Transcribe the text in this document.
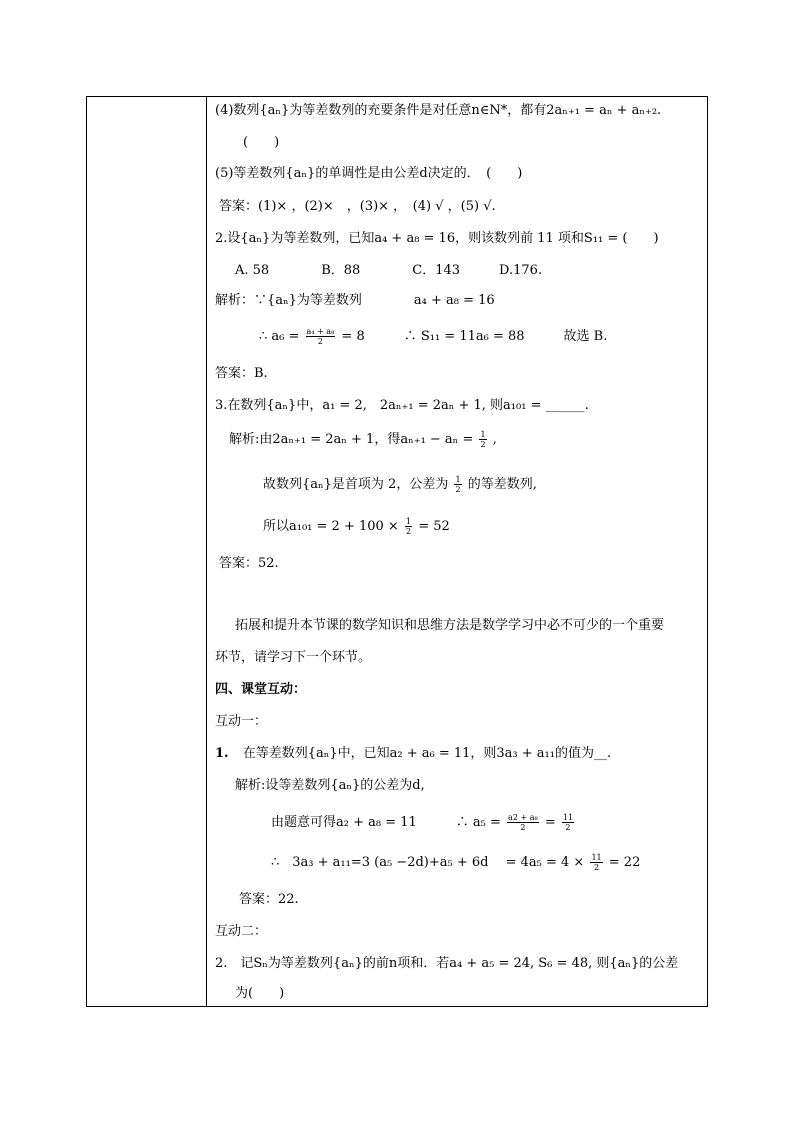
(4)数列{aₙ}为等差数列的充要条件是对任意n∈N*，都有2aₙ₊₁ = aₙ + aₙ₊₂.
(　　)
(5)等差数列{aₙ}的单调性是由公差d决定的．　(　　)
答案：(1)× ，(2)×　，(3)× ，　(4) √ ，(5) √.
2.设{aₙ}为等差数列，已知a₄ + a₈ = 16，则该数列前 11 项和S₁₁ = (　　)
A. 58　　　　B．88　　　　C．143　　　D.176.
解析：∵{aₙ}为等差数列　　　　a₄ + a₈ = 16
∴ $a_6 = \frac{\text{a₄ + a₈}}{2} = 8$　　　∴ S₁₁ = 11a₆ = 88　　　故选 B.
答案：B.
3.在数列{aₙ}中，a₁ = 2,　2aₙ₊₁ = 2aₙ + 1, 则a₁₀₁ = ______.
解析:由2aₙ₊₁ = 2aₙ + 1，得$a_{n+1} - a_n = \frac{1}{2}$ ,
故数列{aₙ}是首项为 2，公差为 $\frac{1}{2}$ 的等差数列,
所以$a_{101} = 2 + 100 \times \frac{1}{2} = 52$
答案：52.
拓展和提升本节课的数学知识和思维方法是数学学习中必不可少的一个重要
环节，请学习下一个环节。
四、课堂互动：
互动一：
1. 在等差数列{aₙ}中，已知a₂ + a₆ = 11，则3a₃ + a₁₁的值为__.
解析:设等差数列{aₙ}的公差为d,
由题意可得a₂ + a₈ = 11　　　∴ $a_5 = \frac{\text{a2 + a₈}}{2} = \frac{11}{2}$
∴　3a₃ + a₁₁=3 (a₅ −2d)+a₅ + 6d　 = $4a_5 = 4 \times \frac{11}{2} = 22$
答案：22.
互动二：
2.　记Sₙ为等差数列{aₙ}的前n项和．若a₄ + a₅ = 24, S₆ = 48, 则{aₙ}的公差
为(　　)
